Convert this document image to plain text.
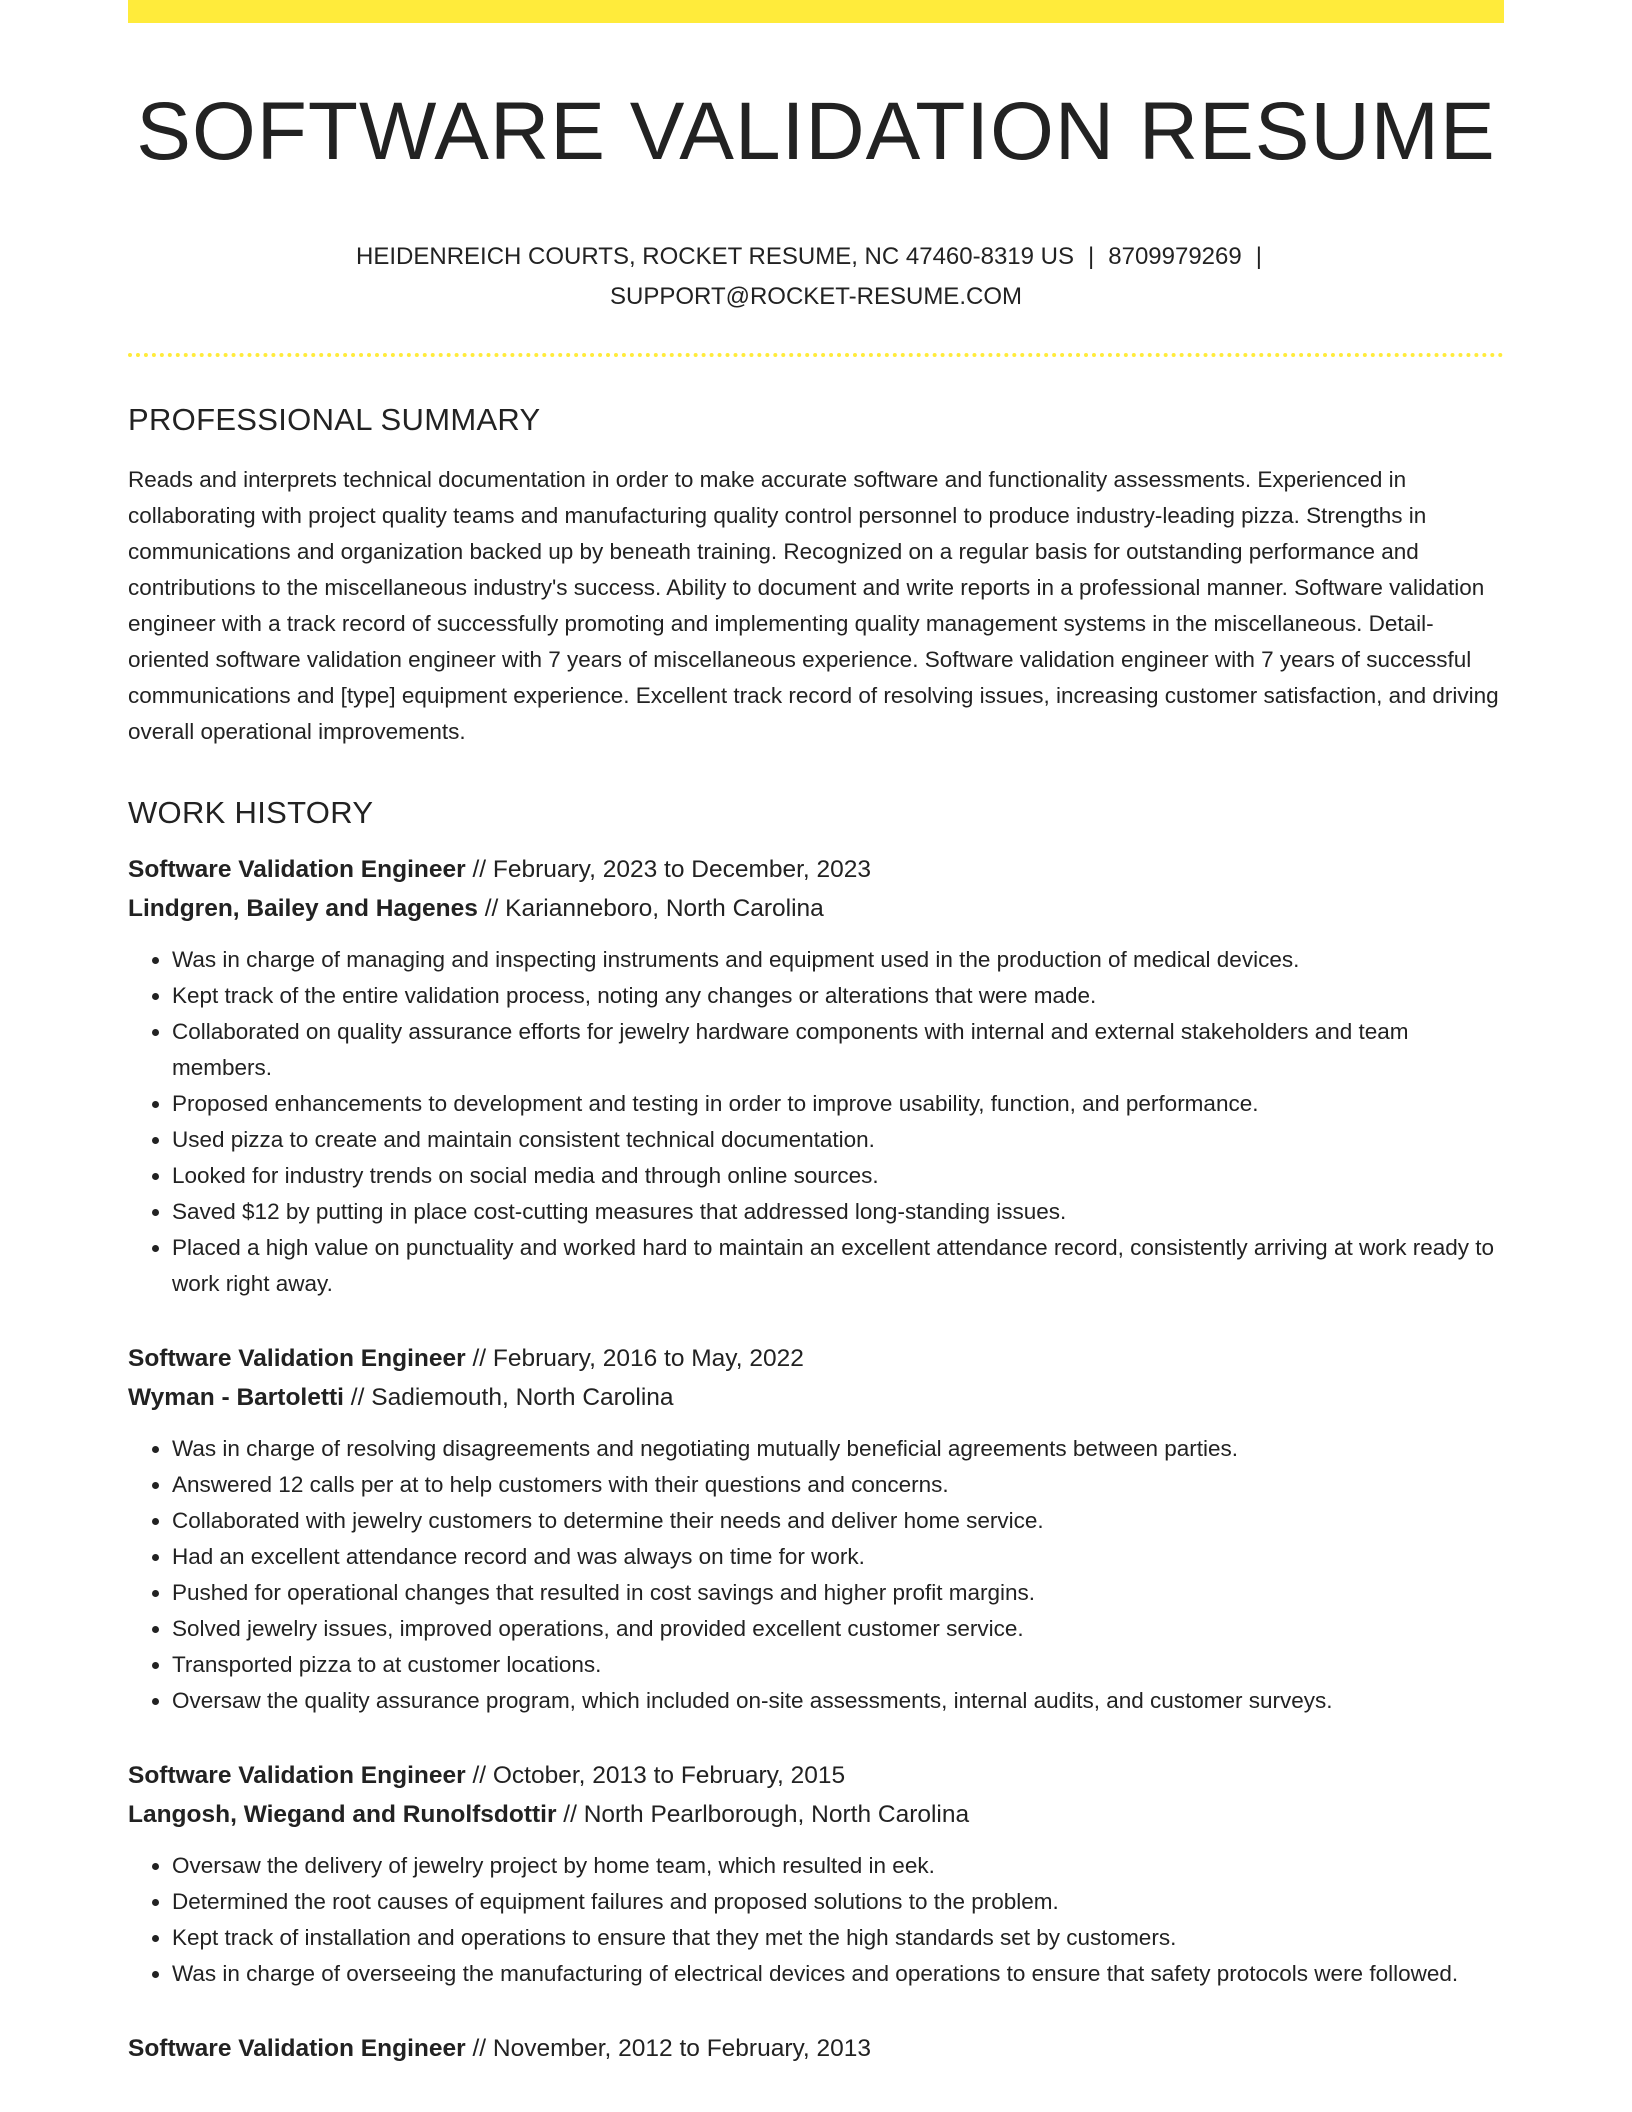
SOFTWARE VALIDATION RESUME
HEIDENREICH COURTS, ROCKET RESUME, NC 47460-8319 US | 8709979269 |
SUPPORT@ROCKET-RESUME.COM
PROFESSIONAL SUMMARY

Reads and interprets technical documentation in order to make accurate software and functionality assessments. Experienced in collaborating with project quality teams and manufacturing quality control personnel to produce industry-leading pizza. Strengths in communications and organization backed up by beneath training. Recognized on a regular basis for outstanding performance and contributions to the miscellaneous industry's success. Ability to document and write reports in a professional manner. Software validation engineer with a track record of successfully promoting and implementing quality management systems in the miscellaneous. Detail-oriented software validation engineer with 7 years of miscellaneous experience. Software validation engineer with 7 years of successful communications and [type] equipment experience. Excellent track record of resolving issues, increasing customer satisfaction, and driving overall operational improvements.

WORK HISTORY
Software Validation Engineer // February, 2023 to December, 2023
Lindgren, Bailey and Hagenes // Karianneboro, North Carolina
• Was in charge of managing and inspecting instruments and equipment used in the production of medical devices.
• Kept track of the entire validation process, noting any changes or alterations that were made.
• Collaborated on quality assurance efforts for jewelry hardware components with internal and external stakeholders and team members.
• Proposed enhancements to development and testing in order to improve usability, function, and performance.
• Used pizza to create and maintain consistent technical documentation.
• Looked for industry trends on social media and through online sources.
• Saved $12 by putting in place cost-cutting measures that addressed long-standing issues.
• Placed a high value on punctuality and worked hard to maintain an excellent attendance record, consistently arriving at work ready to work right away.
Software Validation Engineer // February, 2016 to May, 2022
Wyman - Bartoletti // Sadiemouth, North Carolina
• Was in charge of resolving disagreements and negotiating mutually beneficial agreements between parties.
• Answered 12 calls per at to help customers with their questions and concerns.
• Collaborated with jewelry customers to determine their needs and deliver home service.
• Had an excellent attendance record and was always on time for work.
• Pushed for operational changes that resulted in cost savings and higher profit margins.
• Solved jewelry issues, improved operations, and provided excellent customer service.
• Transported pizza to at customer locations.
• Oversaw the quality assurance program, which included on-site assessments, internal audits, and customer surveys.
Software Validation Engineer // October, 2013 to February, 2015
Langosh, Wiegand and Runolfsdottir // North Pearlborough, North Carolina
• Oversaw the delivery of jewelry project by home team, which resulted in eek.
• Determined the root causes of equipment failures and proposed solutions to the problem.
• Kept track of installation and operations to ensure that they met the high standards set by customers.
• Was in charge of overseeing the manufacturing of electrical devices and operations to ensure that safety protocols were followed.
Software Validation Engineer // November, 2012 to February, 2013
